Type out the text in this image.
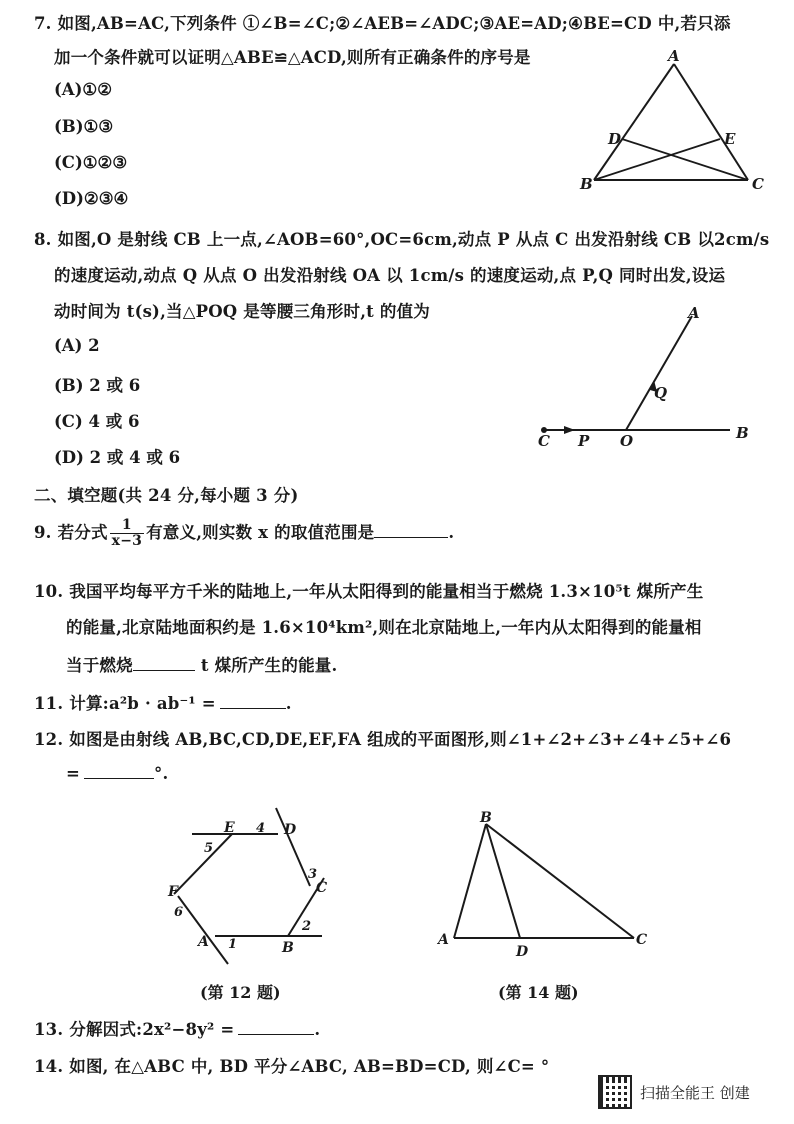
7. 如图,AB=AC,下列条件 ①∠B=∠C;②∠AEB=∠ADC;③AE=AD;④BE=CD 中,若只添
加一个条件就可以证明△ABE≌△ACD,则所有正确条件的序号是
(A)①②
(B)①③
(C)①②③
(D)②③④
A
B	C
D	E
8. 如图,O 是射线 CB 上一点,∠AOB=60°,OC=6cm,动点 P 从点 C 出发沿射线 CB 以2cm/s
的速度运动,动点 Q 从点 O 出发沿射线 OA 以 1cm/s 的速度运动,点 P,Q 同时出发,设运
动时间为 t(s),当△POQ 是等腰三角形时,t 的值为
(A) 2
(B) 2 或 6
(C) 4 或 6
(D) 2 或 4 或 6
A
Q
C P O	B
二、填空题(共 24 分,每小题 3 分)
9. 若分式 $\frac{1}{x-3}$ 有意义,则实数 x 的取值范围是	.
10. 我国平均每平方千米的陆地上,一年从太阳得到的能量相当于燃烧 1.3×10⁵t 煤所产生
的能量,北京陆地面积约是 1.6×10⁴km²,则在北京陆地上,一年内从太阳得到的能量相
当于燃烧	t 煤所产生的能量.
11. 计算:a²b · ab⁻¹ =	.
12. 如图是由射线 AB,BC,CD,DE,EF,FA 组成的平面图形,则∠1+∠2+∠3+∠4+∠5+∠6
=	°.
E	D
C
B
A
F
1
2
3
4
5
6
(第 12 题)
B
A
D
C
(第 14 题)
13. 分解因式:2x²−8y² =	.
14. 如图, 在△ABC 中, BD 平分∠ABC, AB=BD=CD, 则∠C= °
扫描全能王 创建
